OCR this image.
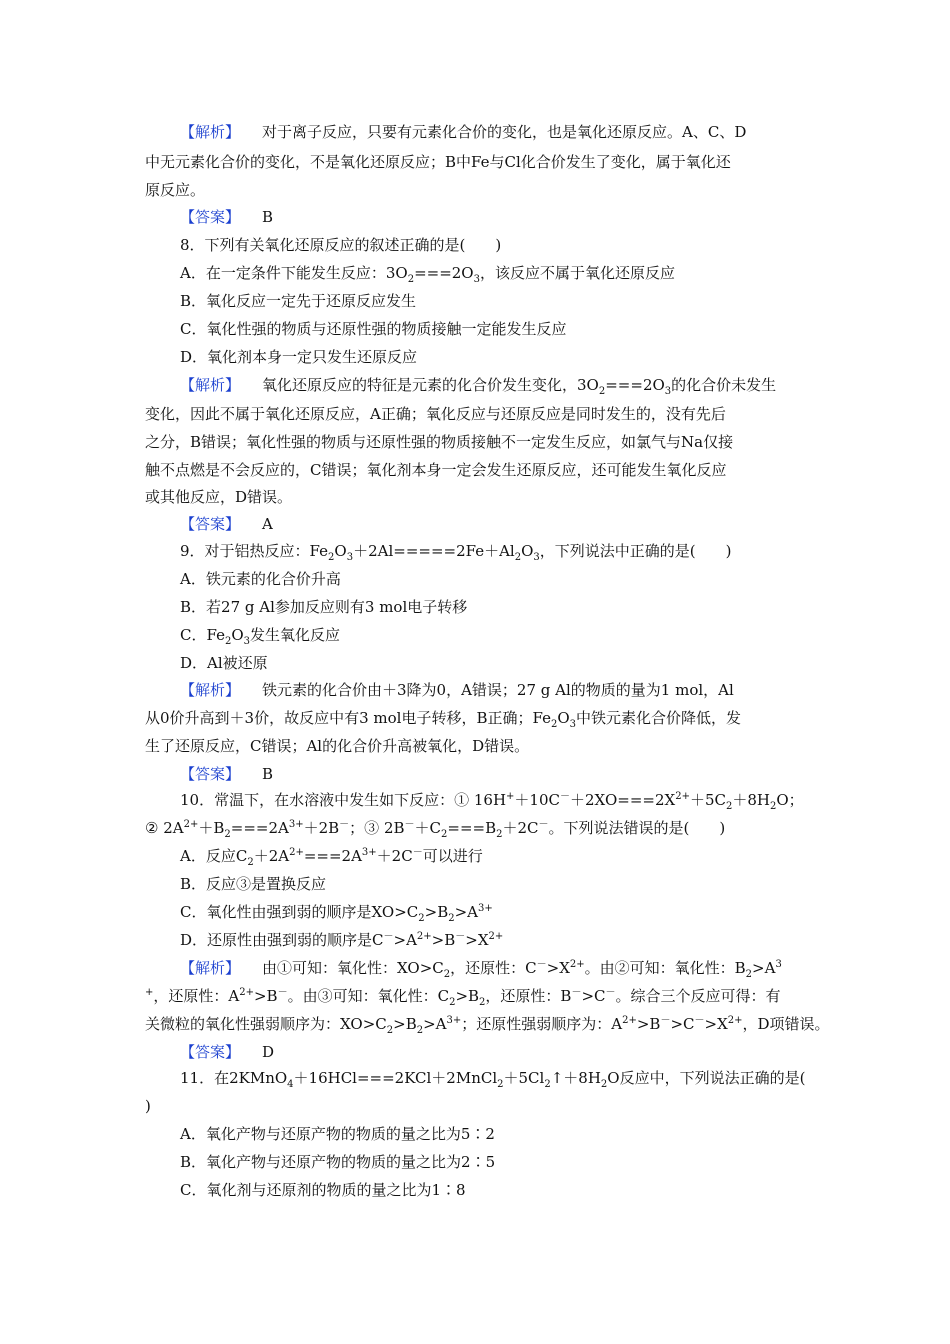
【解析】 对于离子反应，只要有元素化合价的变化，也是氧化还原反应。A、C、D
中无元素化合价的变化，不是氧化还原反应；B中Fe与Cl化合价发生了变化，属于氧化还
原反应。
【答案】 B
8．下列有关氧化还原反应的叙述正确的是(　　)
A．在一定条件下能发生反应：$3O_2===2O_3$，该反应不属于氧化还原反应
B．氧化反应一定先于还原反应发生
C．氧化性强的物质与还原性强的物质接触一定能发生反应
D．氧化剂本身一定只发生还原反应
【解析】 氧化还原反应的特征是元素的化合价发生变化，$3O_2===2O_3$的化合价未发生
变化，因此不属于氧化还原反应，A正确；氧化反应与还原反应是同时发生的，没有先后
之分，B错误；氧化性强的物质与还原性强的物质接触不一定发生反应，如氯气与Na仅接
触不点燃是不会反应的，C错误；氧化剂本身一定会发生还原反应，还可能发生氧化反应
或其他反应，D错误。
【答案】 A
9．对于铝热反应：$Fe_2O_3+2Al=====2Fe+Al_2O_3$，下列说法中正确的是(　　)
A．铁元素的化合价升高
B．若27 g Al参加反应则有3 mol电子转移
C．$Fe_2O_3$发生氧化反应
D．Al被还原
【解析】 铁元素的化合价由＋3降为0，A错误；27 g Al的物质的量为1 mol，Al
从0价升高到＋3价，故反应中有3 mol电子转移，B正确；$Fe_2O_3$中铁元素化合价降低，发
生了还原反应，C错误；Al的化合价升高被氧化，D错误。
【答案】 B
10．常温下，在水溶液中发生如下反应：① $16H^++10C^-+2XO===2X^{2+}+5C_2+8H_2O$；
② $2A^{2+}+B_2===2A^{3+}+2B^-$；③ $2B^-+C_2===B_2+2C^-$。下列说法错误的是(　　)
A．反应$C_2+2A^{2+}===2A^{3+}+2C^-$可以进行
B．反应③是置换反应
C．氧化性由强到弱的顺序是$XO>C_2>B_2>A^{3+}$
D．还原性由强到弱的顺序是$C^->A^{2+}>B^->X^{2+}$
【解析】 由①可知：氧化性：$XO>C_2$，还原性：$C^->X^{2+}$。由②可知：氧化性：$B_2>A^3$
+，还原性：$A^{2+}>B^-$。由③可知：氧化性：$C_2>B_2$，还原性：B－>C－。综合三个反应可得：有
关微粒的氧化性强弱顺序为：$XO>C_2>B_2>A^{3+}$；还原性强弱顺序为：$A^{2+}>B^->C^->X^{2+}$，D项错误。
【答案】 D
11．在$2KMnO_4+16HCl===2KCl+2MnCl_2+5Cl_2↑+8H_2O$反应中，下列说法正确的是(
)
A．氧化产物与还原产物的物质的量之比为5∶2
B．氧化产物与还原产物的物质的量之比为2∶5
C．氧化剂与还原剂的物质的量之比为1∶8
